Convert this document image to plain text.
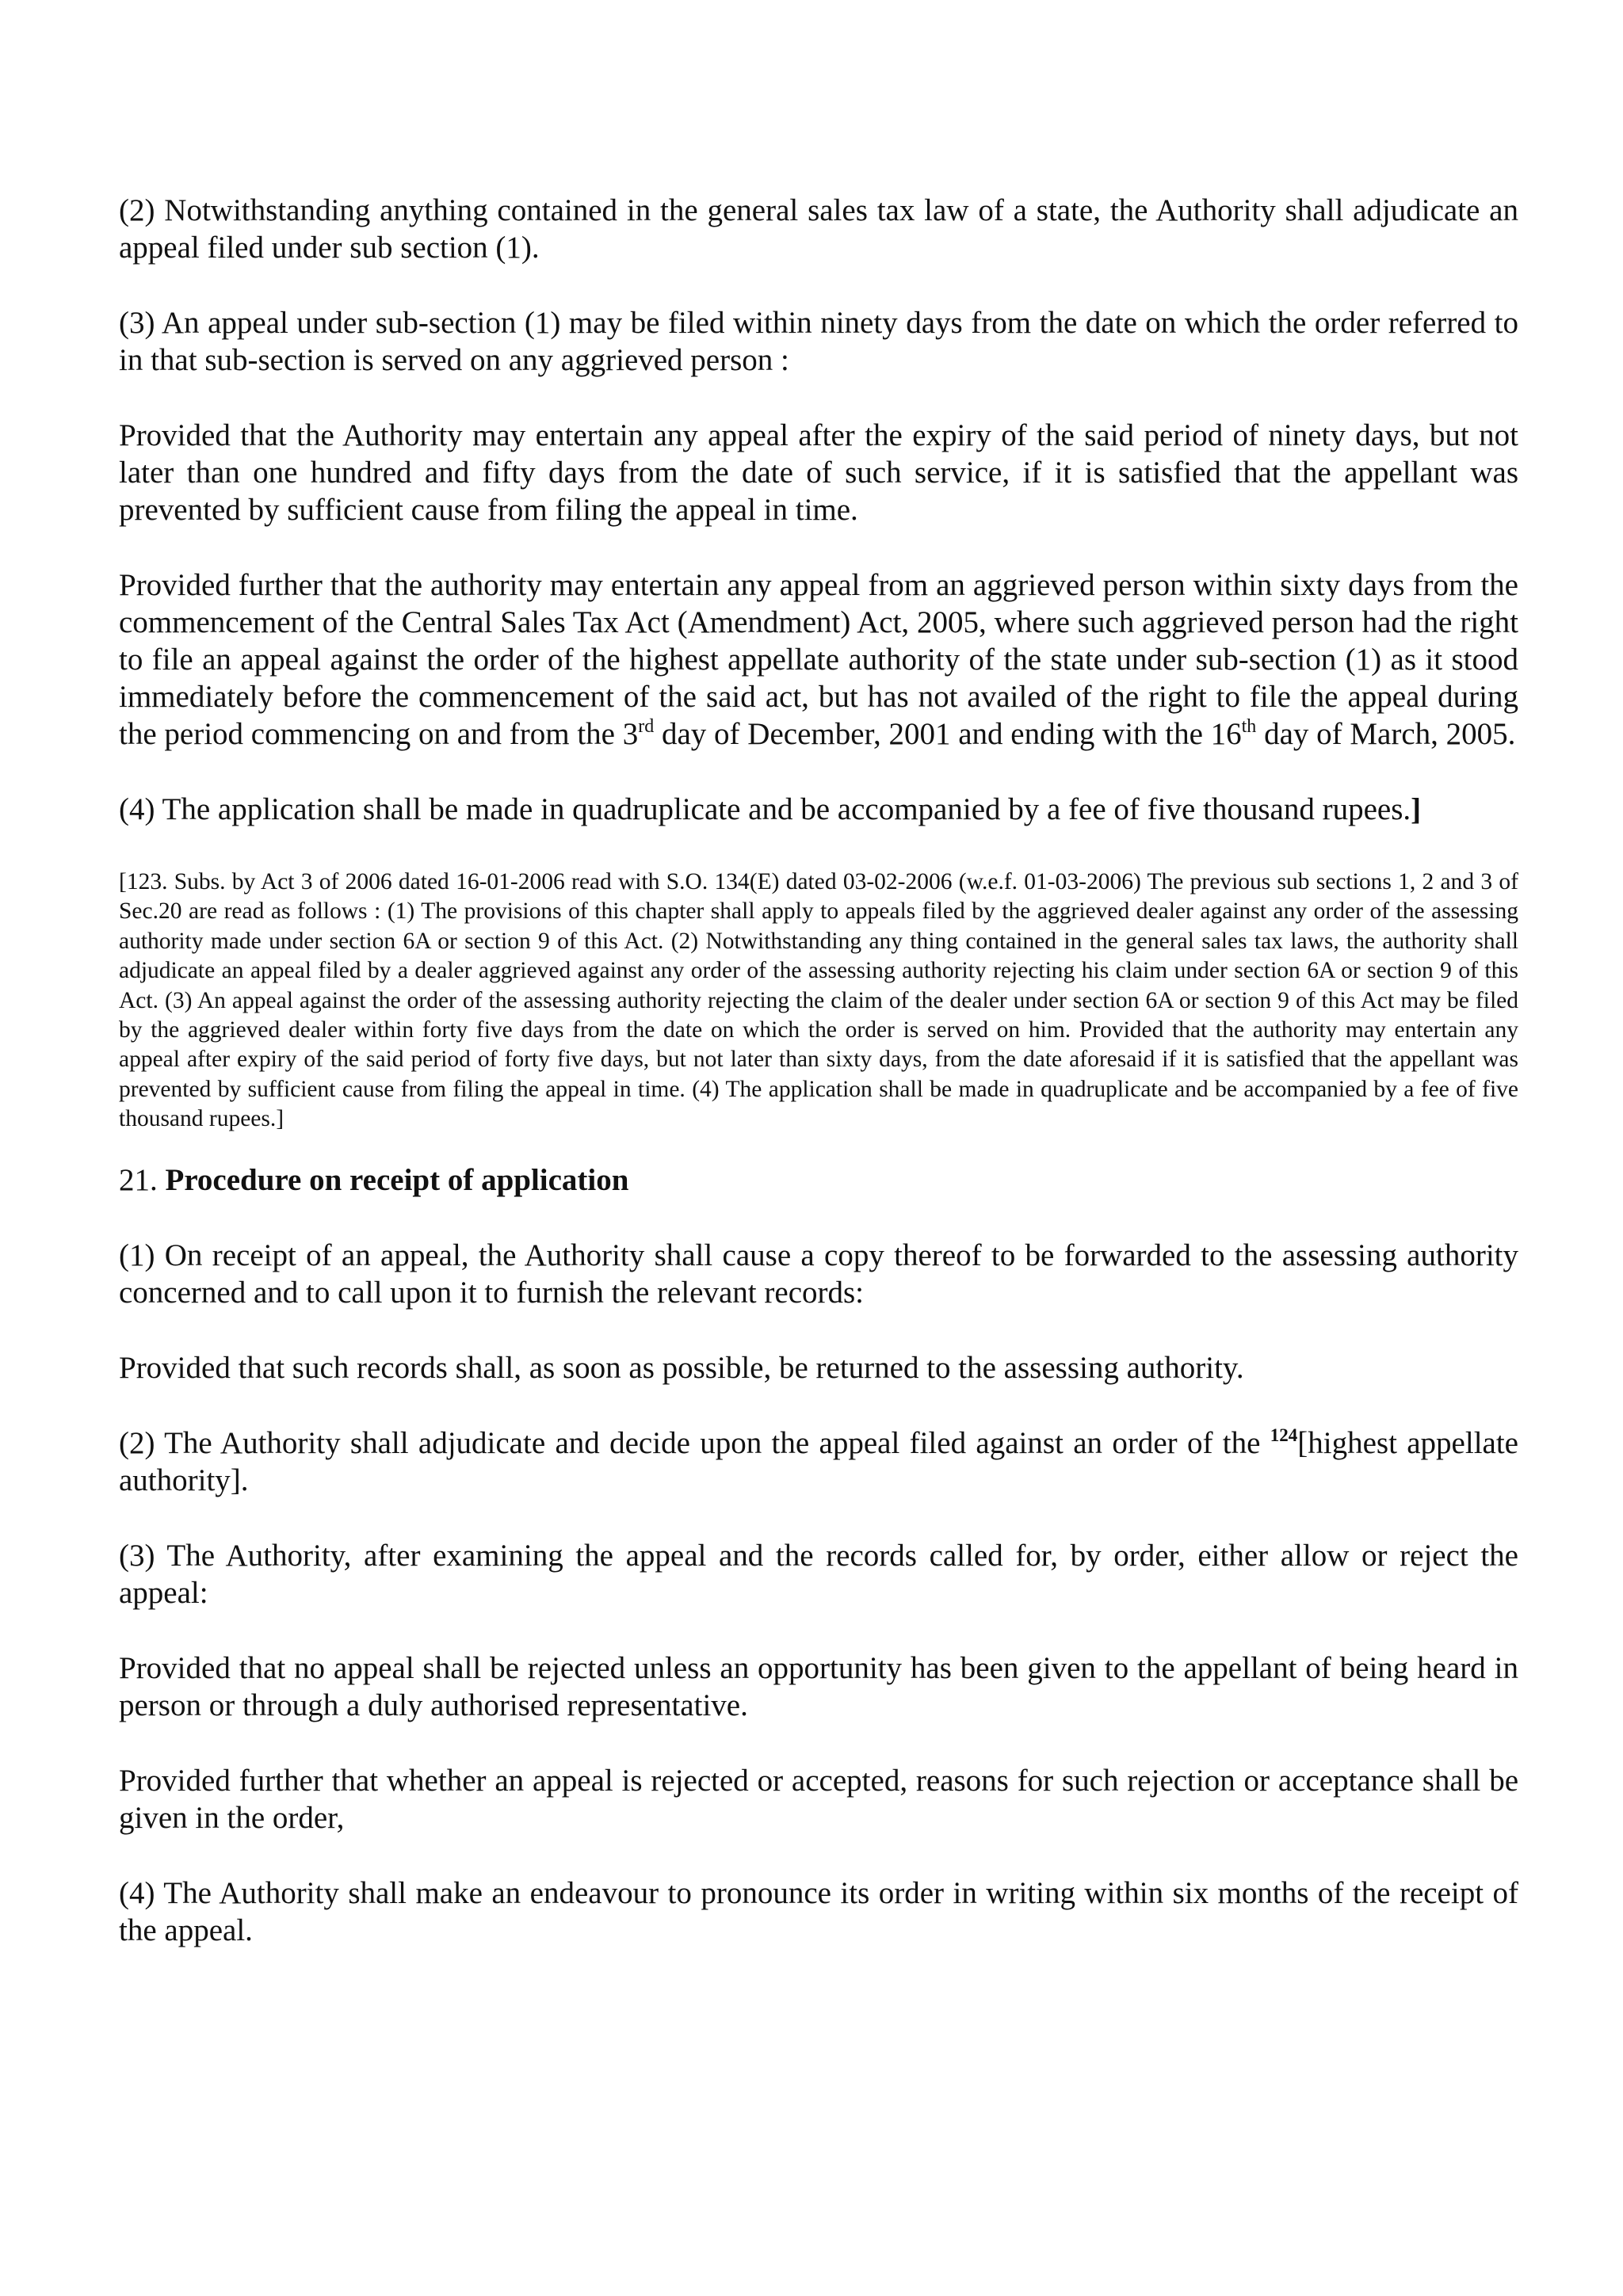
(2) Notwithstanding anything contained in the general sales tax law of a state, the Authority shall adjudicate an appeal filed under sub section (1).

(3) An appeal under sub-section (1) may be filed within ninety days from the date on which the order referred to in that sub-section is served on any aggrieved person :

Provided that the Authority may entertain any appeal after the expiry of the said period of ninety days, but not later than one hundred and fifty days from the date of such service, if it is satisfied that the appellant was prevented by sufficient cause from filing the appeal in time.

Provided further that the authority may entertain any appeal from an aggrieved person within sixty days from the commencement of the Central Sales Tax Act (Amendment) Act, 2005, where such aggrieved person had the right to file an appeal against the order of the highest appellate authority of the state under sub-section (1) as it stood immediately before the commencement of the said act, but has not availed of the right to file the appeal during the period commencing on and from the 3rd day of December, 2001 and ending with the 16th day of March, 2005.

(4) The application shall be made in quadruplicate and be accompanied by a fee of five thousand rupees.]

[123. Subs. by Act 3 of 2006 dated 16-01-2006 read with S.O. 134(E) dated 03-02-2006 (w.e.f. 01-03-2006) The previous sub sections 1, 2 and 3 of Sec.20 are read as follows : (1) The provisions of this chapter shall apply to appeals filed by the aggrieved dealer against any order of the assessing authority made under section 6A or section 9 of this Act. (2) Notwithstanding any thing contained in the general sales tax laws, the authority shall adjudicate an appeal filed by a dealer aggrieved against any order of the assessing authority rejecting his claim under section 6A or section 9 of this Act. (3) An appeal against the order of the assessing authority rejecting the claim of the dealer under section 6A or section 9 of this Act may be filed by the aggrieved dealer within forty five days from the date on which the order is served on him. Provided that the authority may entertain any appeal after expiry of the said period of forty five days, but not later than sixty days, from the date aforesaid if it is satisfied that the appellant was prevented by sufficient cause from filing the appeal in time. (4) The application shall be made in quadruplicate and be accompanied by a fee of five thousand rupees.]

21. Procedure on receipt of application

(1) On receipt of an appeal, the Authority shall cause a copy thereof to be forwarded to the assessing authority concerned and to call upon it to furnish the relevant records:

Provided that such records shall, as soon as possible, be returned to the assessing authority.

(2) The Authority shall adjudicate and decide upon the appeal filed against an order of the $^{124}$[highest appellate authority].

(3) The Authority, after examining the appeal and the records called for, by order, either allow or reject the appeal:

Provided that no appeal shall be rejected unless an opportunity has been given to the appellant of being heard in person or through a duly authorised representative.

Provided further that whether an appeal is rejected or accepted, reasons for such rejection or acceptance shall be given in the order,

(4) The Authority shall make an endeavour to pronounce its order in writing within six months of the receipt of the appeal.
